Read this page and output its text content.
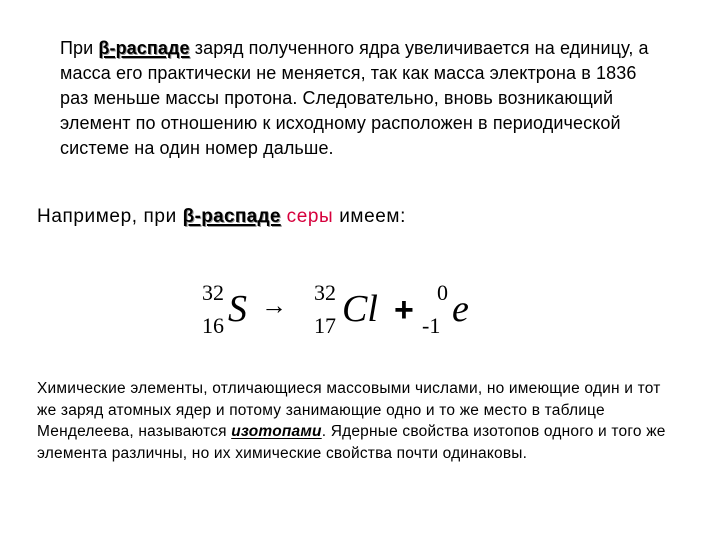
При β-распаде заряд полученного ядра увеличивается на единицу, а масса его практически не меняется, так как масса электрона в 1836 раз меньше массы протона. Следовательно, вновь возникающий элемент по отношению к исходному расположен в периодической системе на один номер дальше.
Например, при β-распаде серы имеем:
32
16 S → 32
17 Cl + 0
-1 e
Химические элементы, отличающиеся массовыми числами, но имеющие один и тот же заряд атомных ядер и потому занимающие одно и то же место в таблице Менделеева, называются изотопами. Ядерные свойства изотопов одного и того же элемента различны, но их химические свойства почти одинаковы.
